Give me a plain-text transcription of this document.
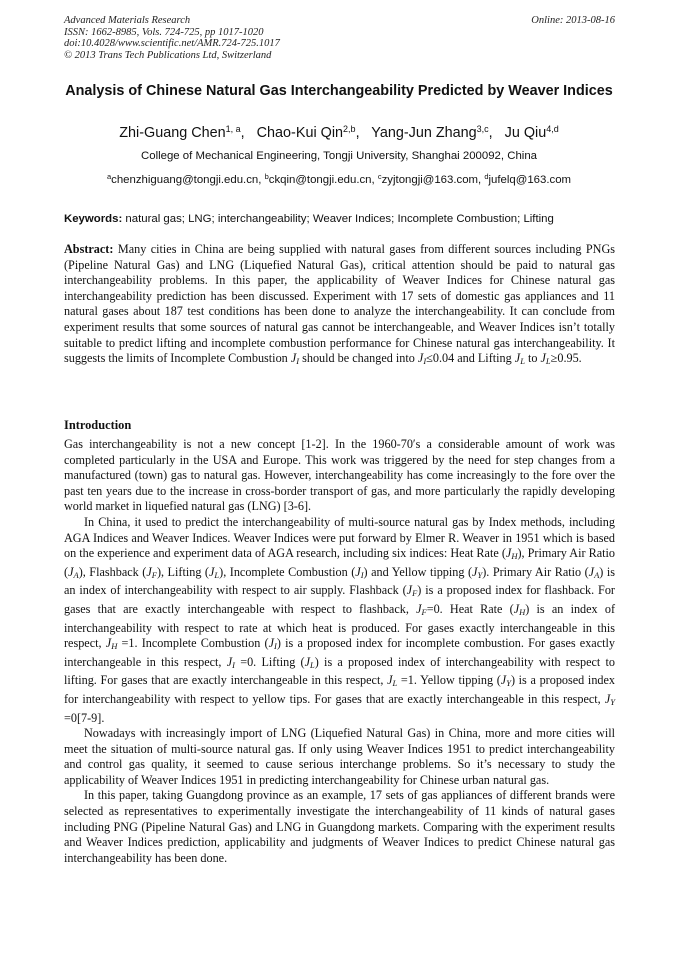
Advanced Materials Research
ISSN: 1662-8985, Vols. 724-725, pp 1017-1020
doi:10.4028/www.scientific.net/AMR.724-725.1017
© 2013 Trans Tech Publications Ltd, Switzerland
Online: 2013-08-16
Analysis of Chinese Natural Gas Interchangeability Predicted by Weaver Indices
Zhi-Guang Chen$^{1, a}$,   Chao-Kui Qin$^{2,b}$,   Yang-Jun Zhang$^{3,c}$,   Ju Qiu$^{4,d}$
College of Mechanical Engineering, Tongji University, Shanghai 200092, China
$^a$chenzhiguang@tongji.edu.cn, $^b$ckqin@tongji.edu.cn, $^c$zyjtongji@163.com, $^d$jufelq@163.com
Keywords: natural gas; LNG; interchangeability; Weaver Indices; Incomplete Combustion; Lifting
Abstract: Many cities in China are being supplied with natural gases from different sources including PNGs (Pipeline Natural Gas) and LNG (Liquefied Natural Gas), critical attention should be paid to natural gas interchangeability problems. In this paper, the applicability of Weaver Indices for Chinese natural gas interchangeability prediction has been discussed. Experiment with 17 sets of domestic gas appliances and 11 natural gases about 187 test conditions has been done to analyze the interchangeability. It can conclude from experiment results that some sources of natural gas cannot be interchangeable, and Weaver Indices isn’t totally suitable to predict lifting and incomplete combustion performance for Chinese natural gas interchangeability. It suggests the limits of Incomplete Combustion $J_I$ should be changed into $J_I\le 0.04$ and Lifting $J_L$ to $J_L\ge 0.95$.
Introduction

Gas interchangeability is not a new concept [1-2]. In the 1960-70′s a considerable amount of work was completed particularly in the USA and Europe. This work was triggered by the need for step changes from a manufactured (town) gas to natural gas. However, interchangeability has come increasingly to the fore over the past ten years due to the increase in cross-border transport of gas, and more particularly the rapidly developing world market in liquefied natural gas (LNG) [3-6].

In China, it used to predict the interchangeability of multi-source natural gas by Index methods, including AGA Indices and Weaver Indices. Weaver Indices were put forward by Elmer R. Weaver in 1951 which is based on the experience and experiment data of AGA research, including six indices: Heat Rate $(J_H)$, Primary Air Ratio $(J_A)$, Flashback $(J_F)$, Lifting $(J_L)$, Incomplete Combustion $(J_I)$ and Yellow tipping $(J_Y)$. Primary Air Ratio $(J_A)$ is an index of interchangeability with respect to air supply. Flashback $(J_F)$ is a proposed index for flashback. For gases that are exactly interchangeable with respect to flashback, $J_F=0$. Heat Rate $(J_H)$ is an index of interchangeability with respect to rate at which heat is produced. For gases exactly interchangeable in this respect, $J_H =1$. Incomplete Combustion $(J_I)$ is a proposed index for incomplete combustion. For gases exactly interchangeable in this respect, $J_I =0$. Lifting $(J_L)$ is a proposed index of interchangeability with respect to lifting. For gases that are exactly interchangeable in this respect, $J_L =1$. Yellow tipping $(J_Y)$ is a proposed index for interchangeability with respect to yellow tips. For gases that are exactly interchangeable in this respect, $J_Y =0[7-9]$.

Nowadays with increasingly import of LNG (Liquefied Natural Gas) in China, more and more cities will meet the situation of multi-source natural gas. If only using Weaver Indices 1951 to predict interchangeability and control gas quality, it seemed to cause serious interchange problems. So it’s necessary to study the applicability of Weaver Indices 1951 in predicting interchangeability for Chinese urban natural gas.

In this paper, taking Guangdong province as an example, 17 sets of gas appliances of different brands were selected as representatives to experimentally investigate the interchangeability of 11 kinds of natural gases including PNG (Pipeline Natural Gas) and LNG in Guangdong markets. Comparing with the experiment results and Weaver Indices prediction, applicability and judgments of Weaver Indices to predict Chinese natural gas interchangeability has been done.
